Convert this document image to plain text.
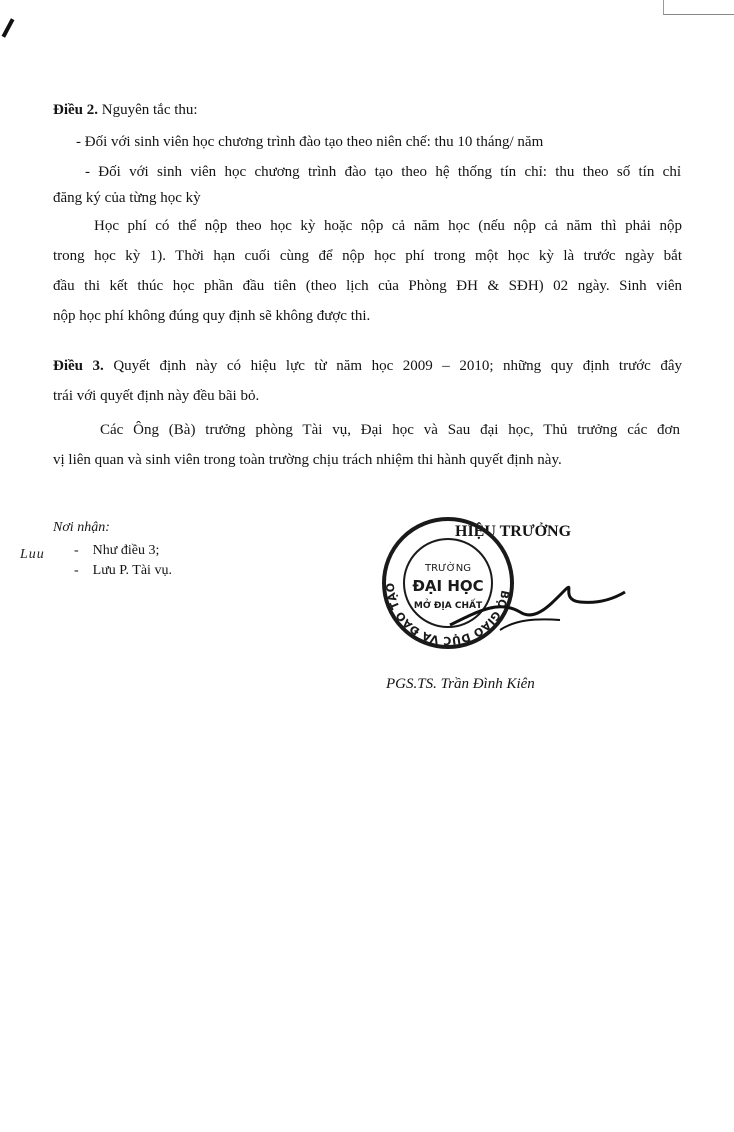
Điều 2. Nguyên tắc thu:
- Đối với sinh viên học chương trình đào tạo theo niên chế: thu 10 tháng/ năm
- Đối với sinh viên học chương trình đào tạo theo hệ thống tín chỉ: thu theo số tín chỉ
đăng ký của từng học kỳ
Học phí có thể nộp theo học kỳ hoặc nộp cả năm học (nếu nộp cả năm thì phải nộp
trong học kỳ 1). Thời hạn cuối cùng để nộp học phí trong một học kỳ là trước ngày bắt
đầu thi kết thúc học phần đầu tiên (theo lịch của Phòng ĐH & SĐH) 02 ngày. Sinh viên
nộp học phí không đúng quy định sẽ không được thi.
Điều 3. Quyết định này có hiệu lực từ năm học 2009 – 2010; những quy định trước đây
trái với quyết định này đều bãi bỏ.
Các Ông (Bà) trưởng phòng Tài vụ, Đại học và Sau đại học, Thủ trưởng các đơn
vị liên quan và sinh viên trong toàn trường chịu trách nhiệm thi hành quyết định này.
Nơi nhận:
Luu -    Như điều 3;
-    Lưu P. Tài vụ.
HIỆU TRƯỞNG
BỘ GIÁO DỤC VÀ ĐÀO TẠO
TRƯỜNG
ĐẠI HỌC
MỞ ĐỊA CHẤT
PGS.TS. Trần Đình Kiên
